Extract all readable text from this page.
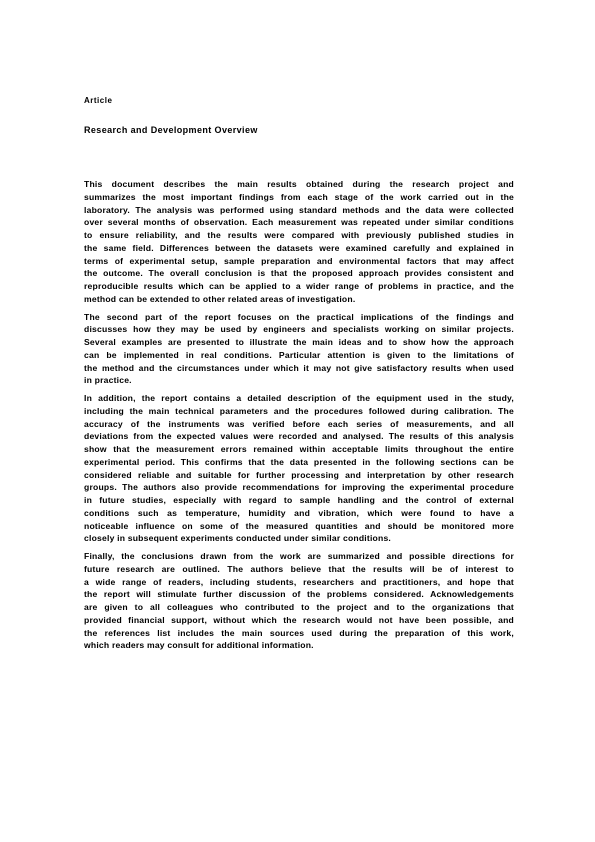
Article
Research and Development Overview
This document describes the main results obtained during the research project and
summarizes the most important findings from each stage of the work carried out in the
laboratory. The analysis was performed using standard methods and the data were collected
over several months of observation. Each measurement was repeated under similar conditions
to ensure reliability, and the results were compared with previously published studies in
the same field. Differences between the datasets were examined carefully and explained in
terms of experimental setup, sample preparation and environmental factors that may affect
the outcome. The overall conclusion is that the proposed approach provides consistent and
reproducible results which can be applied to a wider range of problems in practice, and the
method can be extended to other related areas of investigation.
The second part of the report focuses on the practical implications of the findings and
discusses how they may be used by engineers and specialists working on similar projects.
Several examples are presented to illustrate the main ideas and to show how the approach
can be implemented in real conditions. Particular attention is given to the limitations of
the method and the circumstances under which it may not give satisfactory results when used
in practice.
In addition, the report contains a detailed description of the equipment used in the study,
including the main technical parameters and the procedures followed during calibration. The
accuracy of the instruments was verified before each series of measurements, and all
deviations from the expected values were recorded and analysed. The results of this analysis
show that the measurement errors remained within acceptable limits throughout the entire
experimental period. This confirms that the data presented in the following sections can be
considered reliable and suitable for further processing and interpretation by other research
groups. The authors also provide recommendations for improving the experimental procedure
in future studies, especially with regard to sample handling and the control of external
conditions such as temperature, humidity and vibration, which were found to have a
noticeable influence on some of the measured quantities and should be monitored more
closely in subsequent experiments conducted under similar conditions.
Finally, the conclusions drawn from the work are summarized and possible directions for
future research are outlined. The authors believe that the results will be of interest to
a wide range of readers, including students, researchers and practitioners, and hope that
the report will stimulate further discussion of the problems considered. Acknowledgements
are given to all colleagues who contributed to the project and to the organizations that
provided financial support, without which the research would not have been possible, and
the references list includes the main sources used during the preparation of this work,
which readers may consult for additional information.
